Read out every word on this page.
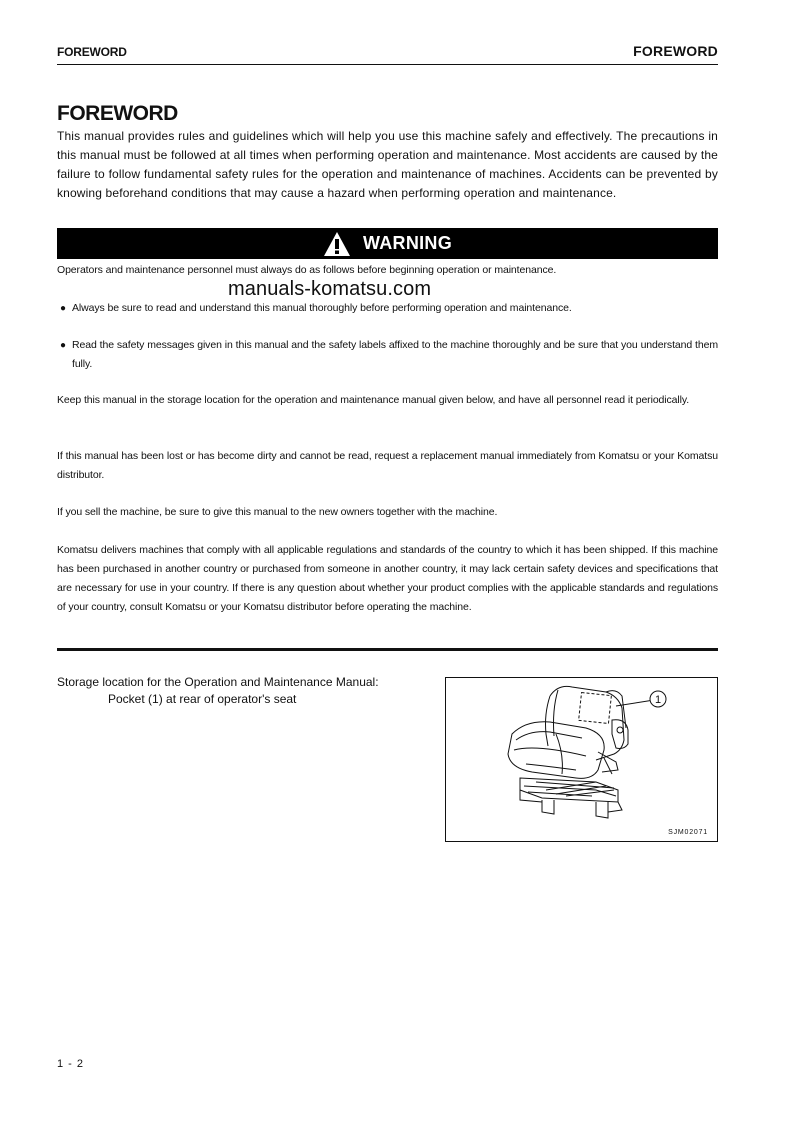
FOREWORD	FOREWORD
FOREWORD

This manual provides rules and guidelines which will help you use this machine safely and effectively. The precautions in this manual must be followed at all times when performing operation and maintenance. Most accidents are caused by the failure to follow fundamental safety rules for the operation and maintenance of machines. Accidents can be prevented by knowing beforehand conditions that may cause a hazard when performing operation and maintenance.

WARNING

Operators and maintenance personnel must always do as follows before beginning operation or maintenance.

manuals-komatsu.com
● Always be sure to read and understand this manual thoroughly before performing operation and maintenance.
● Read the safety messages given in this manual and the safety labels affixed to the machine thoroughly and be sure that you understand them fully.

Keep this manual in the storage location for the operation and maintenance manual given below, and have all personnel read it periodically.

If this manual has been lost or has become dirty and cannot be read, request a replacement manual immediately from Komatsu or your Komatsu distributor.

If you sell the machine, be sure to give this manual to the new owners together with the machine.

Komatsu delivers machines that comply with all applicable regulations and standards of the country to which it has been shipped. If this machine has been purchased in another country or purchased from someone in another country, it may lack certain safety devices and specifications that are necessary for use in your country. If there is any question about whether your product complies with the applicable standards and regulations of your country, consult Komatsu or your Komatsu distributor before operating the machine.

Storage location for the Operation and Maintenance Manual:
Pocket (1) at rear of operator's seat	1
SJM02071
1 - 2
